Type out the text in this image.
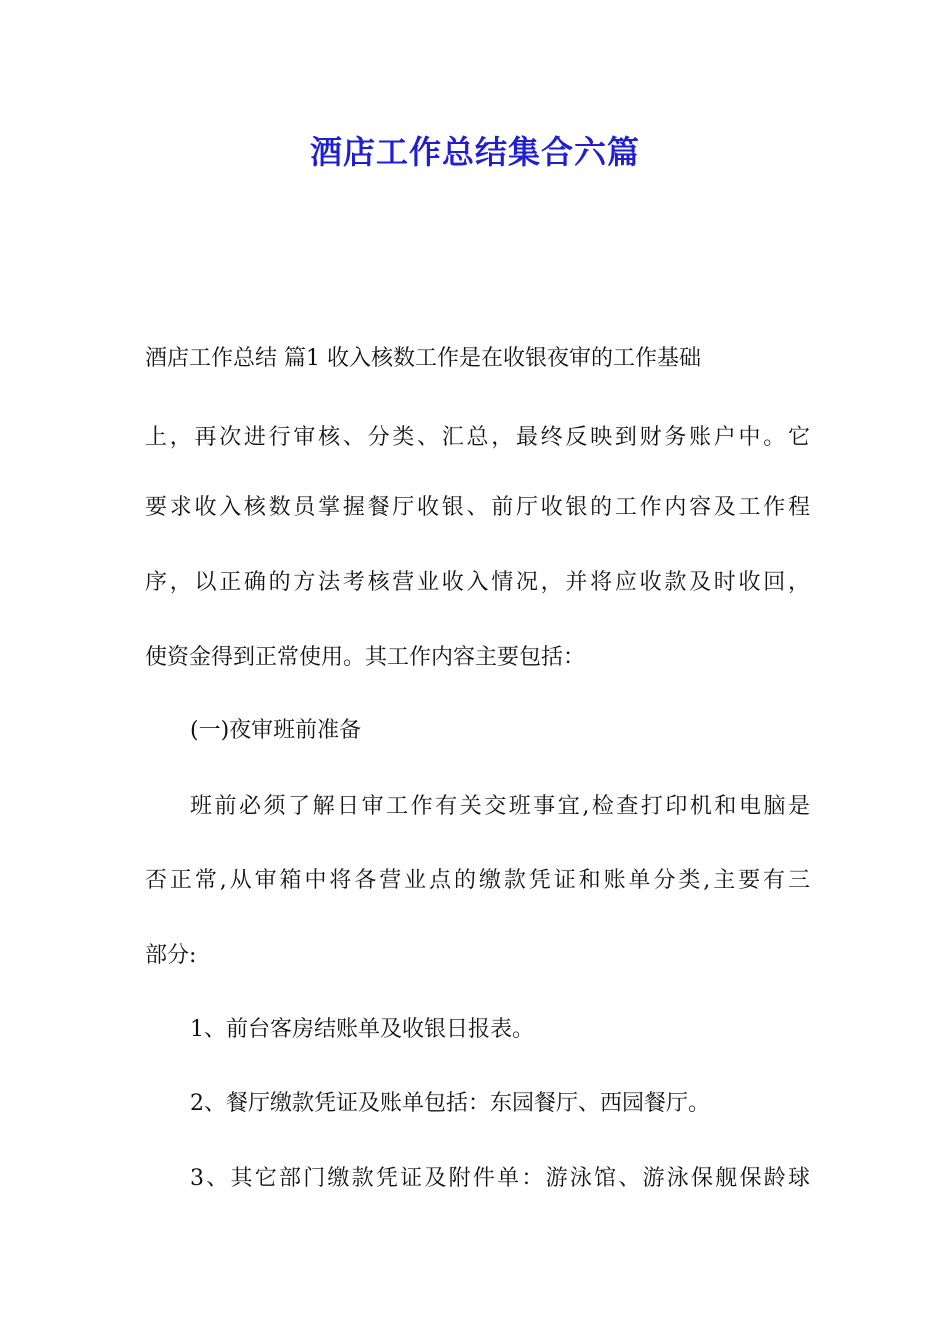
酒店工作总结集合六篇
酒店工作总结 篇1 收入核数工作是在收银夜审的工作基础
上，再次进行审核、分类、汇总，最终反映到财务账户中。它
要求收入核数员掌握餐厅收银、前厅收银的工作内容及工作程
序，以正确的方法考核营业收入情况，并将应收款及时收回，
使资金得到正常使用。其工作内容主要包括：
(一)夜审班前准备
班前必须了解日审工作有关交班事宜,检查打印机和电脑是
否正常,从审箱中将各营业点的缴款凭证和账单分类,主要有三
部分:
1、前台客房结账单及收银日报表。
2、餐厅缴款凭证及账单包括：东园餐厅、西园餐厅。
3、其它部门缴款凭证及附件单：游泳馆、游泳保舰保龄球
